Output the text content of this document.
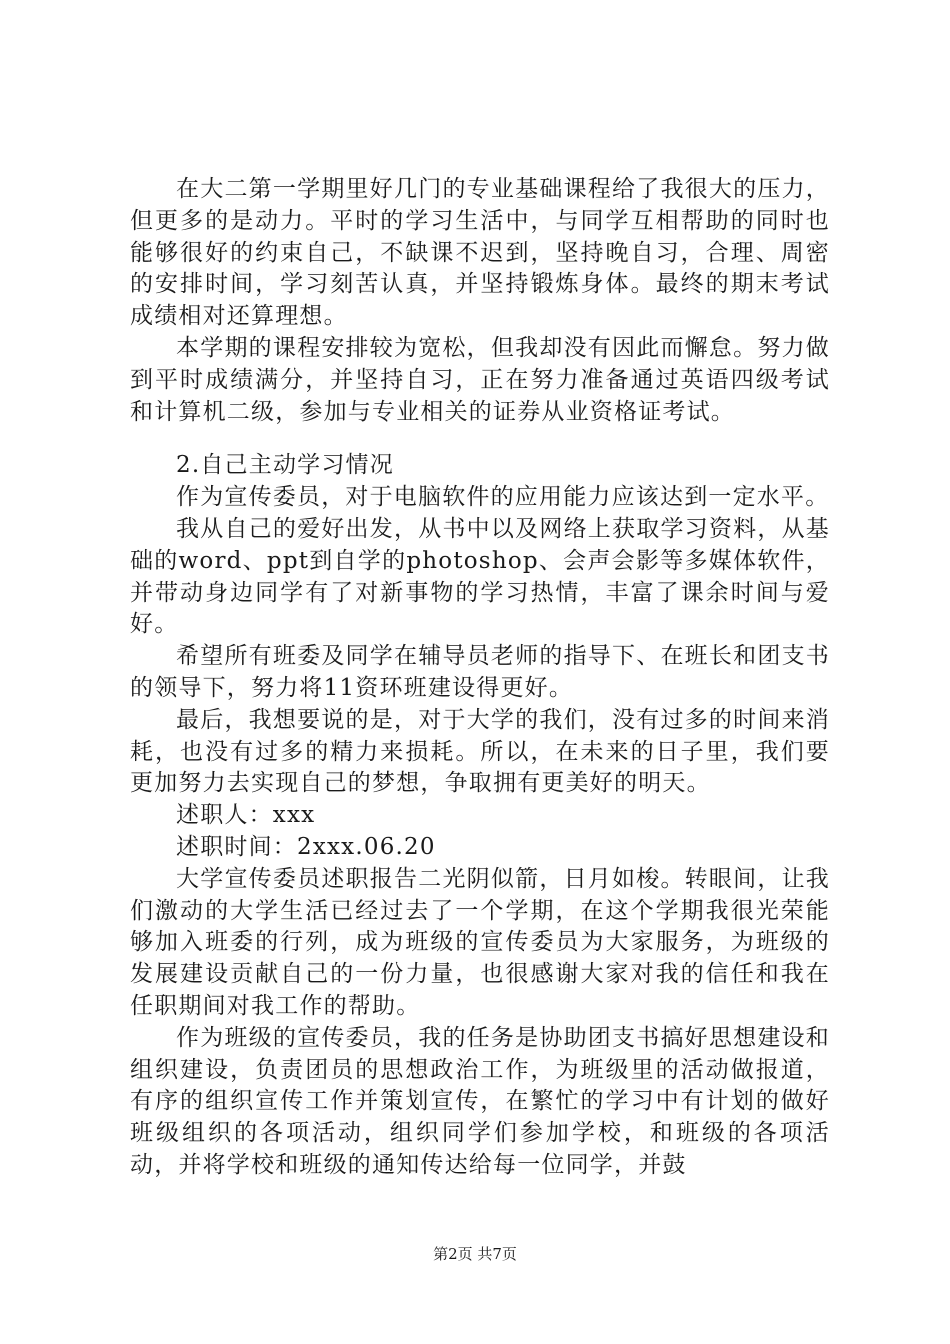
在大二第一学期里好几门的专业基础课程给了我很大的压力，但更多的是动力。平时的学习生活中，与同学互相帮助的同时也能够很好的约束自己，不缺课不迟到，坚持晚自习，合理、周密的安排时间，学习刻苦认真，并坚持锻炼身体。最终的期末考试成绩相对还算理想。

本学期的课程安排较为宽松，但我却没有因此而懈怠。努力做到平时成绩满分，并坚持自习，正在努力准备通过英语四级考试和计算机二级，参加与专业相关的证券从业资格证考试。

2.自己主动学习情况

作为宣传委员，对于电脑软件的应用能力应该达到一定水平。

我从自己的爱好出发，从书中以及网络上获取学习资料，从基础的word、ppt到自学的photoshop、会声会影等多媒体软件，并带动身边同学有了对新事物的学习热情，丰富了课余时间与爱好。

希望所有班委及同学在辅导员老师的指导下、在班长和团支书的领导下，努力将11资环班建设得更好。

最后，我想要说的是，对于大学的我们，没有过多的时间来消耗，也没有过多的精力来损耗。所以，在未来的日子里，我们要更加努力去实现自己的梦想，争取拥有更美好的明天。

述职人：xxx

述职时间：2xxx.06.20

大学宣传委员述职报告二光阴似箭，日月如梭。转眼间，让我们激动的大学生活已经过去了一个学期，在这个学期我很光荣能够加入班委的行列，成为班级的宣传委员为大家服务，为班级的发展建设贡献自己的一份力量，也很感谢大家对我的信任和我在任职期间对我工作的帮助。

作为班级的宣传委员，我的任务是协助团支书搞好思想建设和组织建设，负责团员的思想政治工作，为班级里的活动做报道，有序的组织宣传工作并策划宣传，在繁忙的学习中有计划的做好班级组织的各项活动，组织同学们参加学校，和班级的各项活动，并将学校和班级的通知传达给每一位同学，并鼓

第2页 共7页
